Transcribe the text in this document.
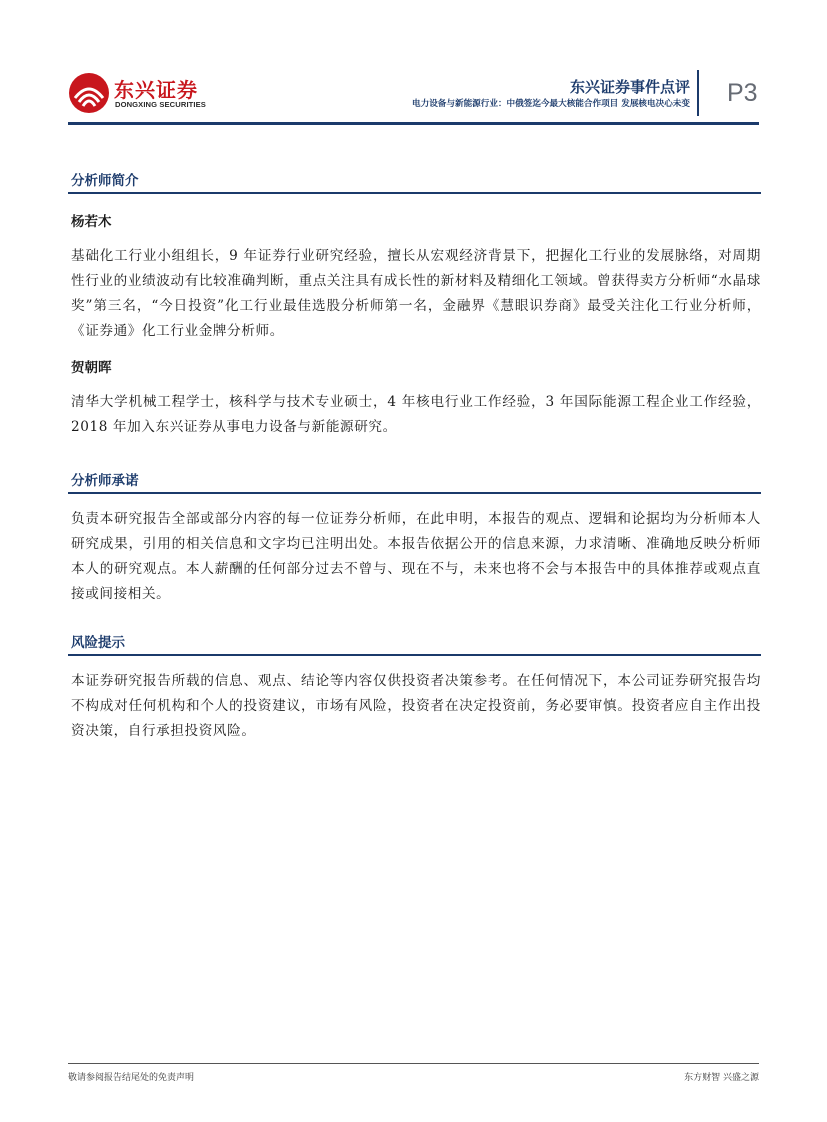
东兴证券
DONGXING SECURITIES
东兴证券事件点评
电力设备与新能源行业：中俄签迄今最大核能合作项目 发展核电决心未变 P3
分析师简介
杨若木

基础化工行业小组组长，9 年证券行业研究经验，擅长从宏观经济背景下，把握化工行业的发展脉络，对周期性行业的业绩波动有比较准确判断，重点关注具有成长性的新材料及精细化工领域。曾获得卖方分析师“水晶球奖”第三名，“今日投资”化工行业最佳选股分析师第一名，金融界《慧眼识券商》最受关注化工行业分析师，《证券通》化工行业金牌分析师。

贺朝晖

清华大学机械工程学士，核科学与技术专业硕士，4 年核电行业工作经验，3 年国际能源工程企业工作经验，2018 年加入东兴证券从事电力设备与新能源研究。

分析师承诺

负责本研究报告全部或部分内容的每一位证券分析师，在此申明，本报告的观点、逻辑和论据均为分析师本人研究成果，引用的相关信息和文字均已注明出处。本报告依据公开的信息来源，力求清晰、准确地反映分析师本人的研究观点。本人薪酬的任何部分过去不曾与、现在不与，未来也将不会与本报告中的具体推荐或观点直接或间接相关。

风险提示

本证券研究报告所载的信息、观点、结论等内容仅供投资者决策参考。在任何情况下，本公司证券研究报告均不构成对任何机构和个人的投资建议，市场有风险，投资者在决定投资前，务必要审慎。投资者应自主作出投资决策，自行承担投资风险。

敬请参阅报告结尾处的免责声明	东方财智 兴盛之源
